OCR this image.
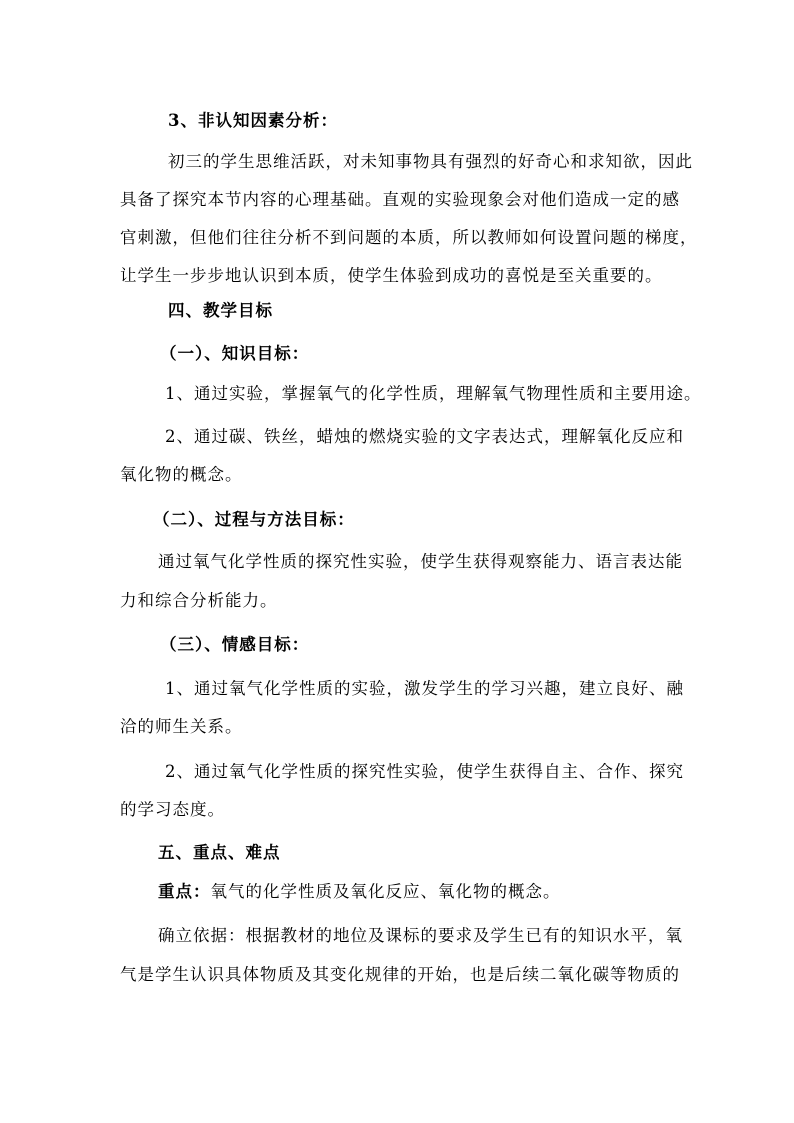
3、非认知因素分析：
初三的学生思维活跃，对未知事物具有强烈的好奇心和求知欲，因此
具备了探究本节内容的心理基础。直观的实验现象会对他们造成一定的感
官刺激，但他们往往分析不到问题的本质，所以教师如何设置问题的梯度，
让学生一步步地认识到本质，使学生体验到成功的喜悦是至关重要的。
四、教学目标
（一）、知识目标：
1、通过实验，掌握氧气的化学性质，理解氧气物理性质和主要用途。
2、通过碳、铁丝，蜡烛的燃烧实验的文字表达式，理解氧化反应和
氧化物的概念。
（二）、过程与方法目标：
通过氧气化学性质的探究性实验，使学生获得观察能力、语言表达能
力和综合分析能力。
（三）、情感目标：
1、通过氧气化学性质的实验，激发学生的学习兴趣，建立良好、融
洽的师生关系。
2、通过氧气化学性质的探究性实验，使学生获得自主、合作、探究
的学习态度。
五、重点、难点
重点：氧气的化学性质及氧化反应、氧化物的概念。
确立依据：根据教材的地位及课标的要求及学生已有的知识水平，氧
气是学生认识具体物质及其变化规律的开始，也是后续二氧化碳等物质的
